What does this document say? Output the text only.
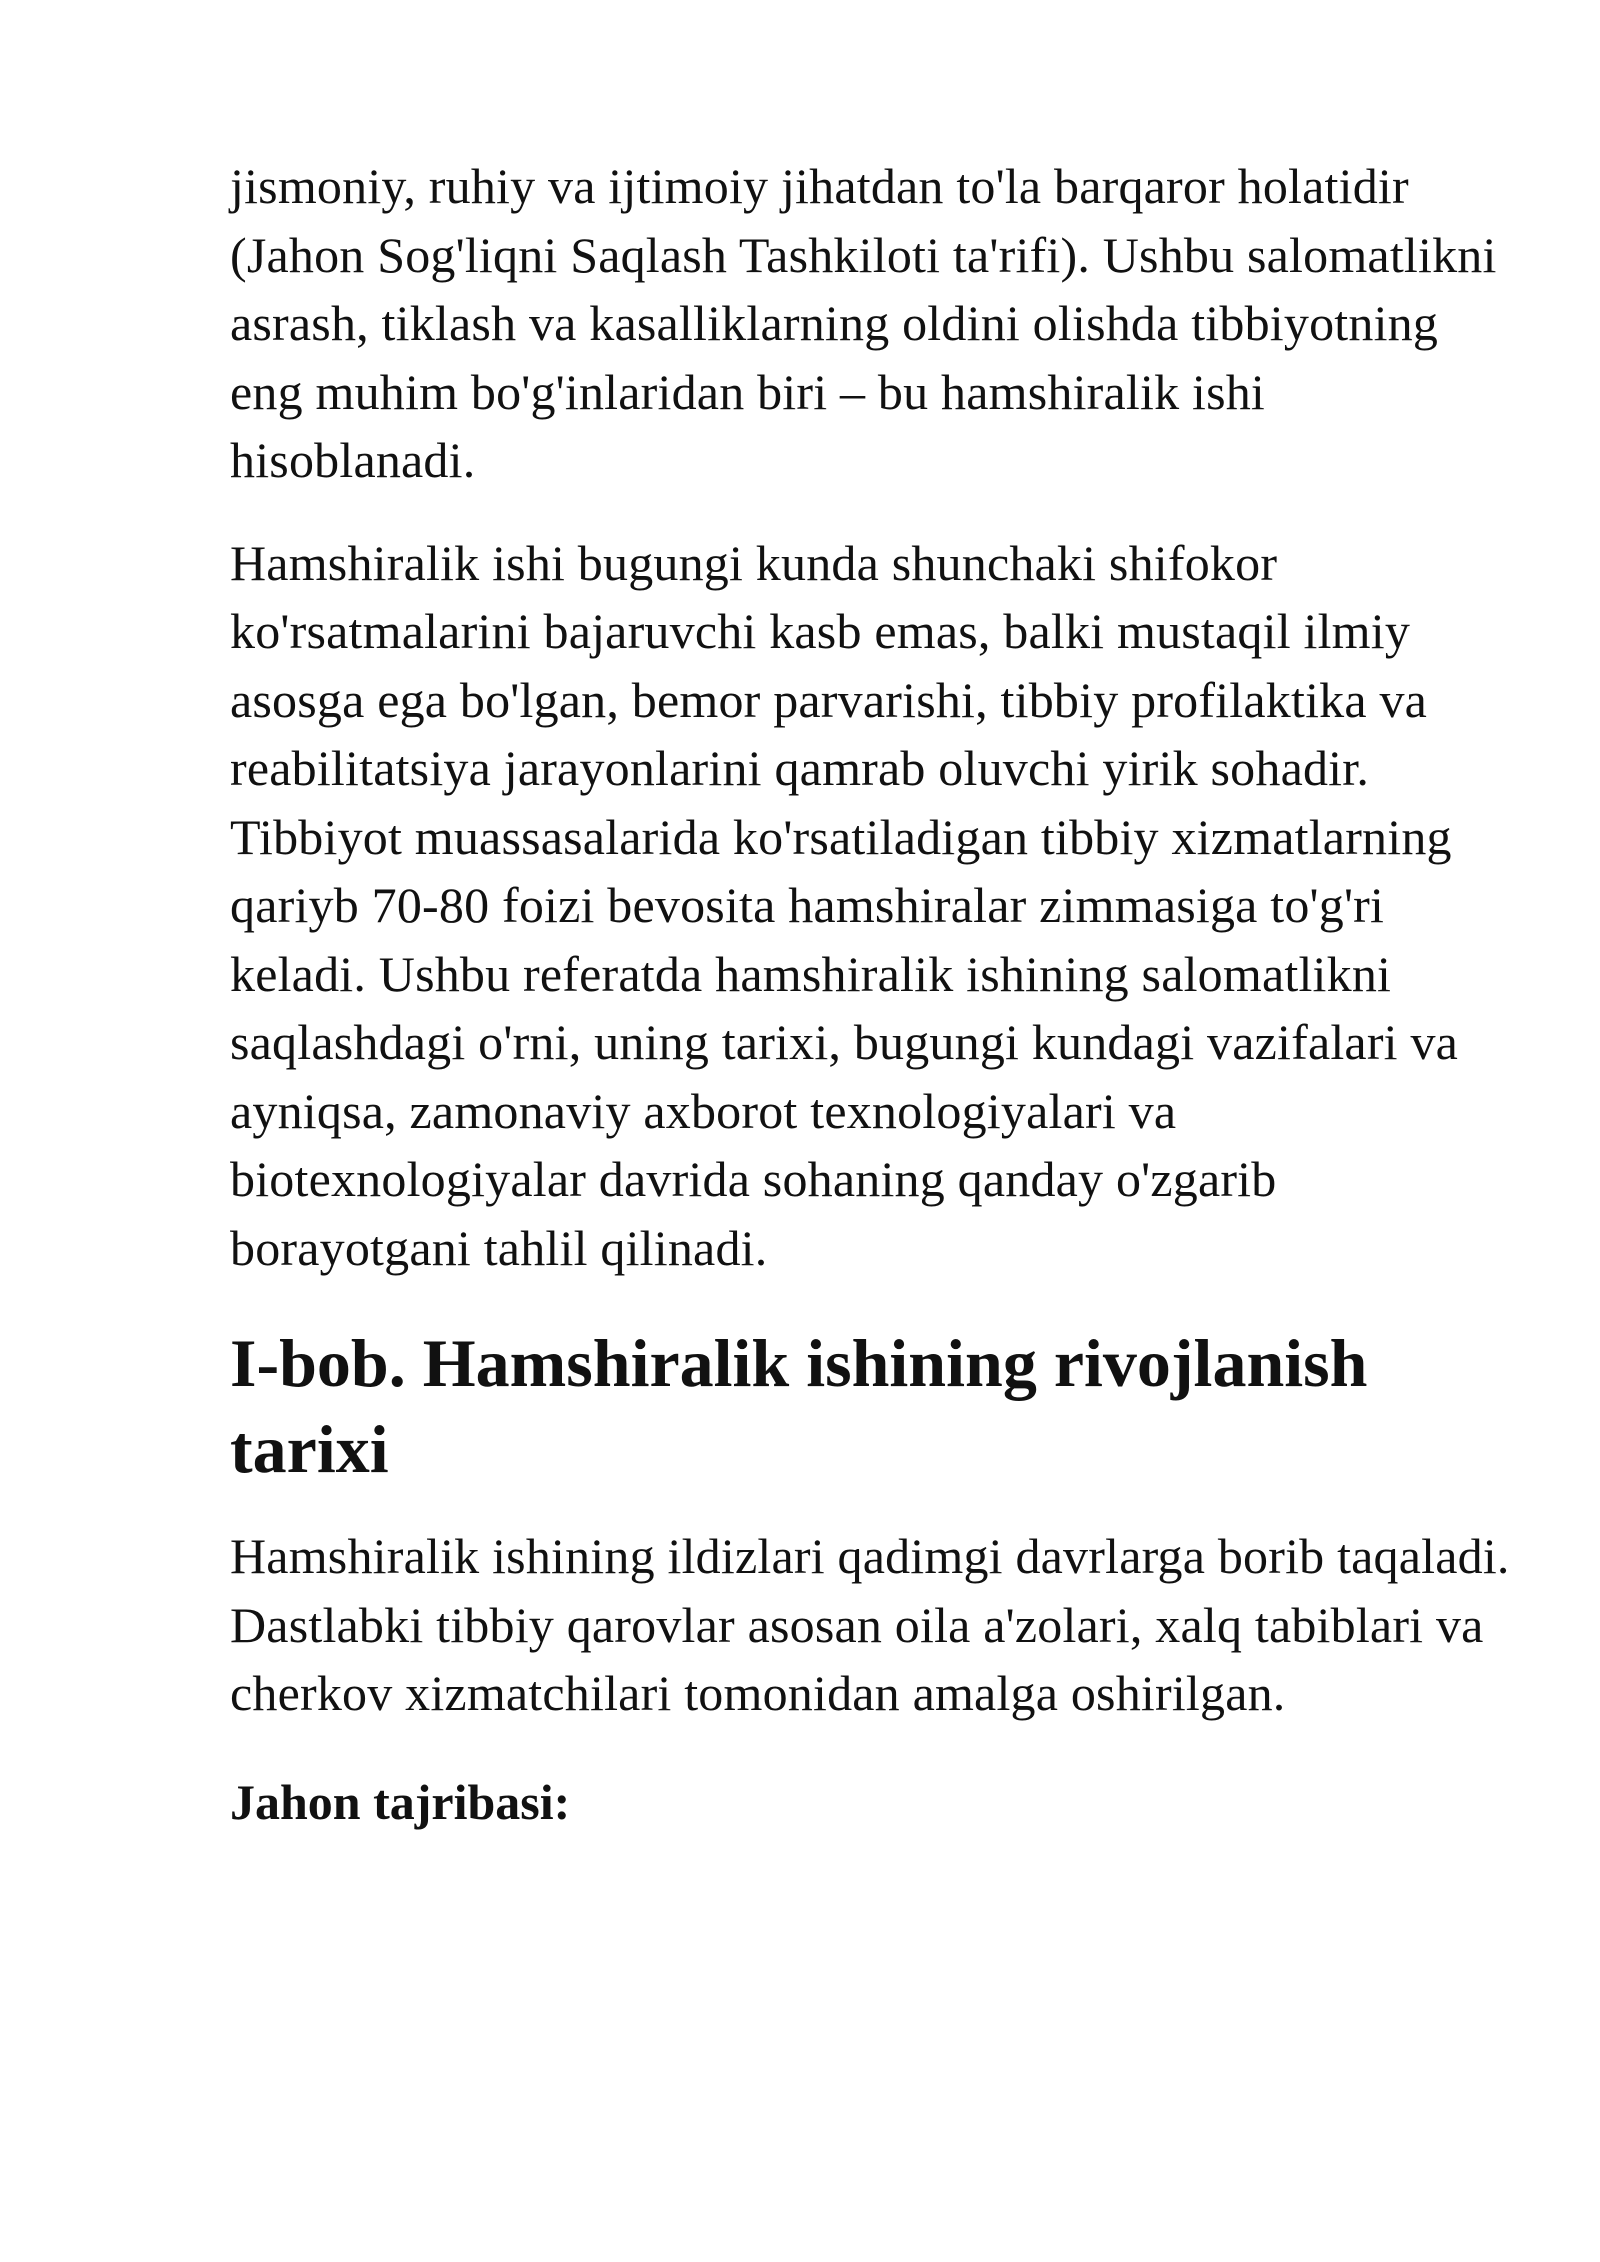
jismoniy, ruhiy va ijtimoiy jihatdan to'la barqaror holatidir (Jahon Sog'liqni Saqlash Tashkiloti ta'rifi). Ushbu salomatlikni asrash, tiklash va kasalliklarning oldini olishda tibbiyotning eng muhim bo'g'inlaridan biri – bu hamshiralik ishi hisoblanadi.

Hamshiralik ishi bugungi kunda shunchaki shifokor ko'rsatmalarini bajaruvchi kasb emas, balki mustaqil ilmiy asosga ega bo'lgan, bemor parvarishi, tibbiy profilaktika va reabilitatsiya jarayonlarini qamrab oluvchi yirik sohadir. Tibbiyot muassasalarida ko'rsatiladigan tibbiy xizmatlarning qariyb 70-80 foizi bevosita hamshiralar zimmasiga to'g'ri keladi. Ushbu referatda hamshiralik ishining salomatlikni saqlashdagi o'rni, uning tarixi, bugungi kundagi vazifalari va ayniqsa, zamonaviy axborot texnologiyalari va biotexnologiyalar davrida sohaning qanday o'zgarib borayotgani tahlil qilinadi.

I-bob. Hamshiralik ishining rivojlanish tarixi

Hamshiralik ishining ildizlari qadimgi davrlarga borib taqaladi. Dastlabki tibbiy qarovlar asosan oila a'zolari, xalq tabiblari va cherkov xizmatchilari tomonidan amalga oshirilgan.

Jahon tajribasi:
